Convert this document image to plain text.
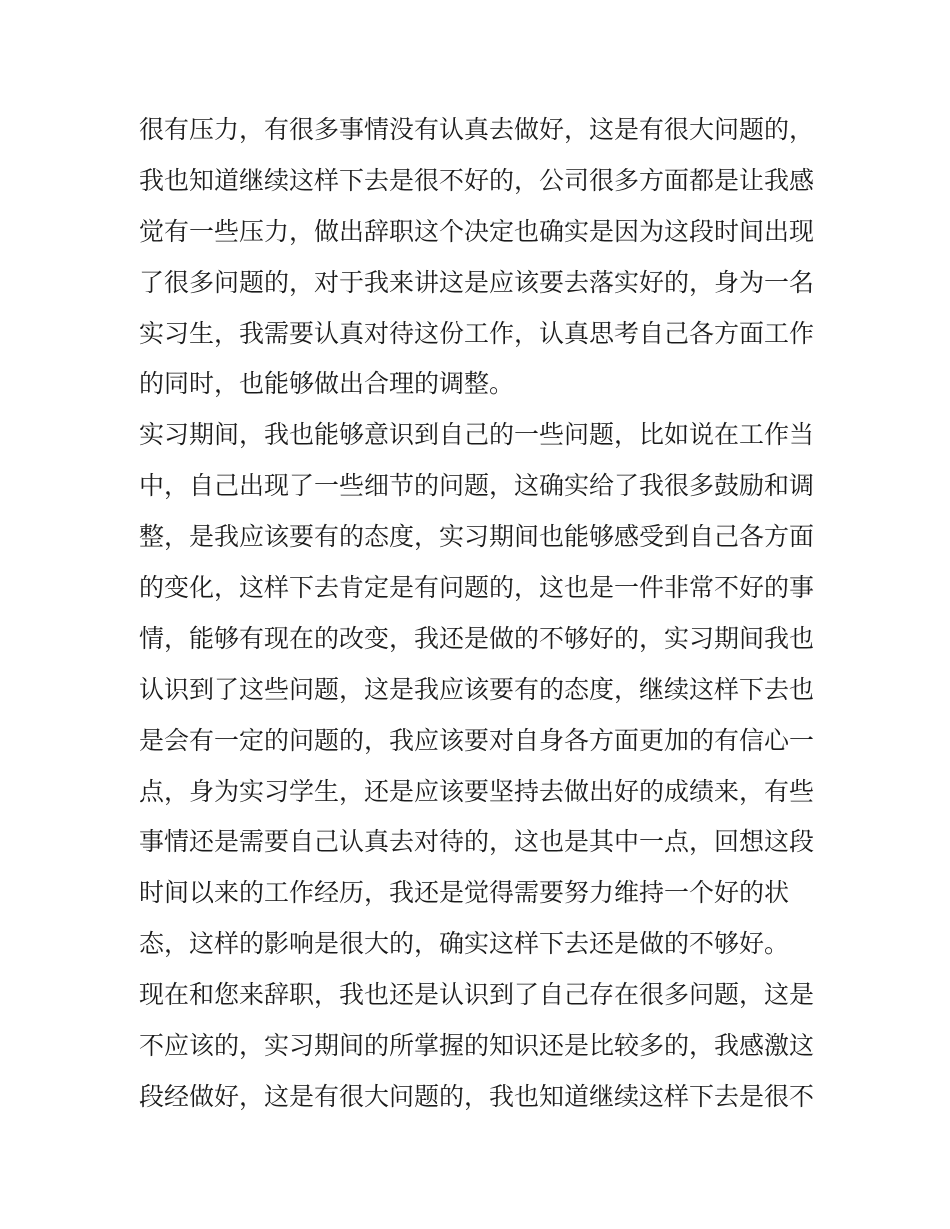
很有压力，有很多事情没有认真去做好，这是有很大问题的，
我也知道继续这样下去是很不好的，公司很多方面都是让我感
觉有一些压力，做出辞职这个决定也确实是因为这段时间出现
了很多问题的，对于我来讲这是应该要去落实好的，身为一名
实习生，我需要认真对待这份工作，认真思考自己各方面工作
的同时，也能够做出合理的调整。
实习期间，我也能够意识到自己的一些问题，比如说在工作当
中，自己出现了一些细节的问题，这确实给了我很多鼓励和调
整，是我应该要有的态度，实习期间也能够感受到自己各方面
的变化，这样下去肯定是有问题的，这也是一件非常不好的事
情，能够有现在的改变，我还是做的不够好的，实习期间我也
认识到了这些问题，这是我应该要有的态度，继续这样下去也
是会有一定的问题的，我应该要对自身各方面更加的有信心一
点，身为实习学生，还是应该要坚持去做出好的成绩来，有些
事情还是需要自己认真去对待的，这也是其中一点，回想这段
时间以来的工作经历，我还是觉得需要努力维持一个好的状
态，这样的影响是很大的，确实这样下去还是做的不够好。
现在和您来辞职，我也还是认识到了自己存在很多问题，这是
不应该的，实习期间的所掌握的知识还是比较多的，我感激这
段经做好，这是有很大问题的，我也知道继续这样下去是很不
